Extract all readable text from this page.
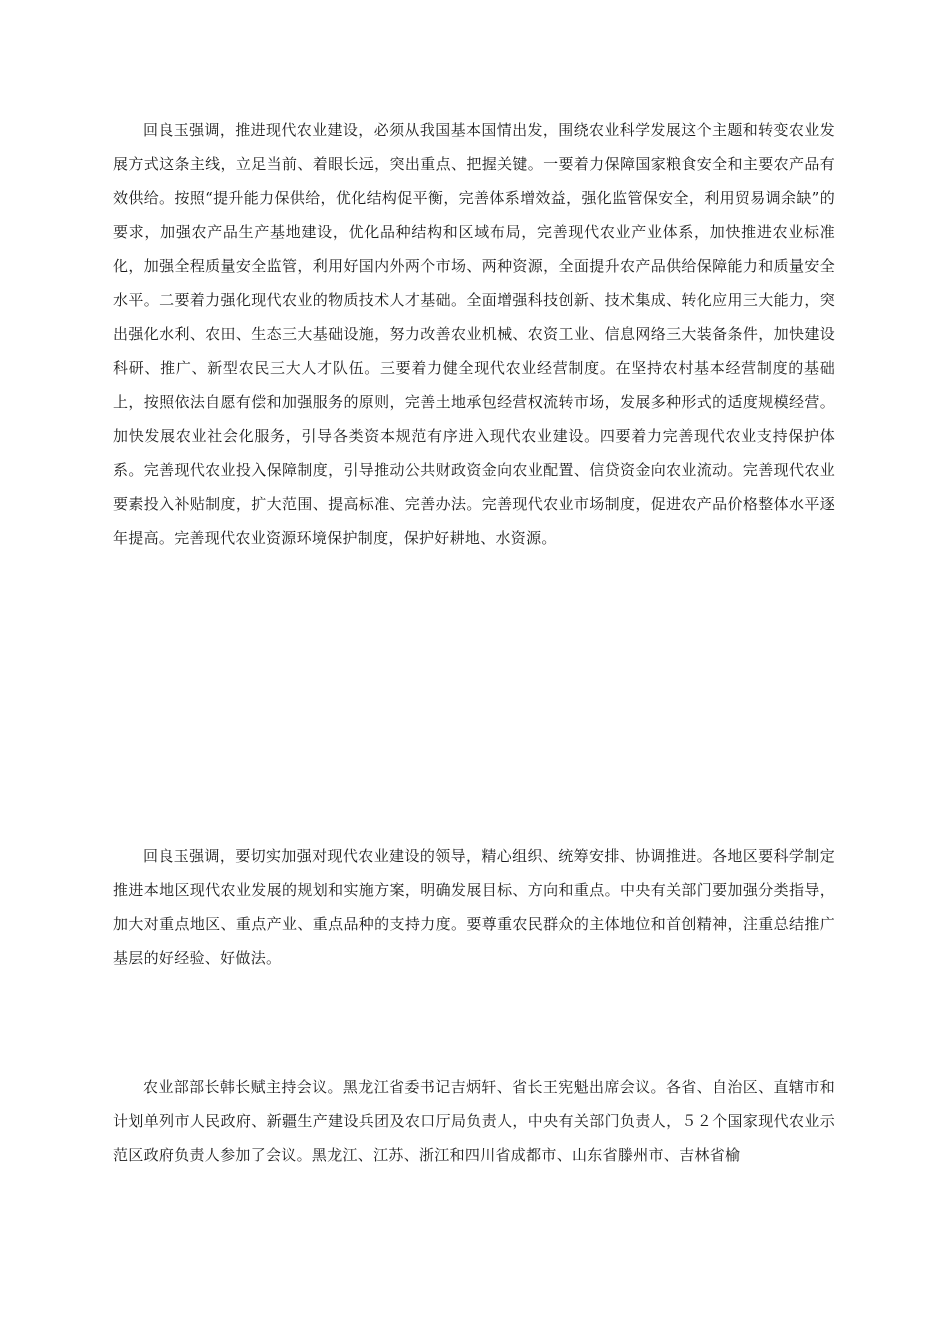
回良玉强调，推进现代农业建设，必须从我国基本国情出发，围绕农业科学发展这个主题和转变农业发展方式这条主线，立足当前、着眼长远，突出重点、把握关键。一要着力保障国家粮食安全和主要农产品有效供给。按照“提升能力保供给，优化结构促平衡，完善体系增效益，强化监管保安全，利用贸易调余缺”的要求，加强农产品生产基地建设，优化品种结构和区域布局，完善现代农业产业体系，加快推进农业标准化，加强全程质量安全监管，利用好国内外两个市场、两种资源，全面提升农产品供给保障能力和质量安全水平。二要着力强化现代农业的物质技术人才基础。全面增强科技创新、技术集成、转化应用三大能力，突出强化水利、农田、生态三大基础设施，努力改善农业机械、农资工业、信息网络三大装备条件，加快建设科研、推广、新型农民三大人才队伍。三要着力健全现代农业经营制度。在坚持农村基本经营制度的基础上，按照依法自愿有偿和加强服务的原则，完善土地承包经营权流转市场，发展多种形式的适度规模经营。加快发展农业社会化服务，引导各类资本规范有序进入现代农业建设。四要着力完善现代农业支持保护体系。完善现代农业投入保障制度，引导推动公共财政资金向农业配置、信贷资金向农业流动。完善现代农业要素投入补贴制度，扩大范围、提高标准、完善办法。完善现代农业市场制度，促进农产品价格整体水平逐年提高。完善现代农业资源环境保护制度，保护好耕地、水资源。

回良玉强调，要切实加强对现代农业建设的领导，精心组织、统筹安排、协调推进。各地区要科学制定推进本地区现代农业发展的规划和实施方案，明确发展目标、方向和重点。中央有关部门要加强分类指导，加大对重点地区、重点产业、重点品种的支持力度。要尊重农民群众的主体地位和首创精神，注重总结推广基层的好经验、好做法。

农业部部长韩长赋主持会议。黑龙江省委书记吉炳轩、省长王宪魁出席会议。各省、自治区、直辖市和计划单列市人民政府、新疆生产建设兵团及农口厅局负责人，中央有关部门负责人，５２个国家现代农业示范区政府负责人参加了会议。黑龙江、江苏、浙江和四川省成都市、山东省滕州市、吉林省榆
